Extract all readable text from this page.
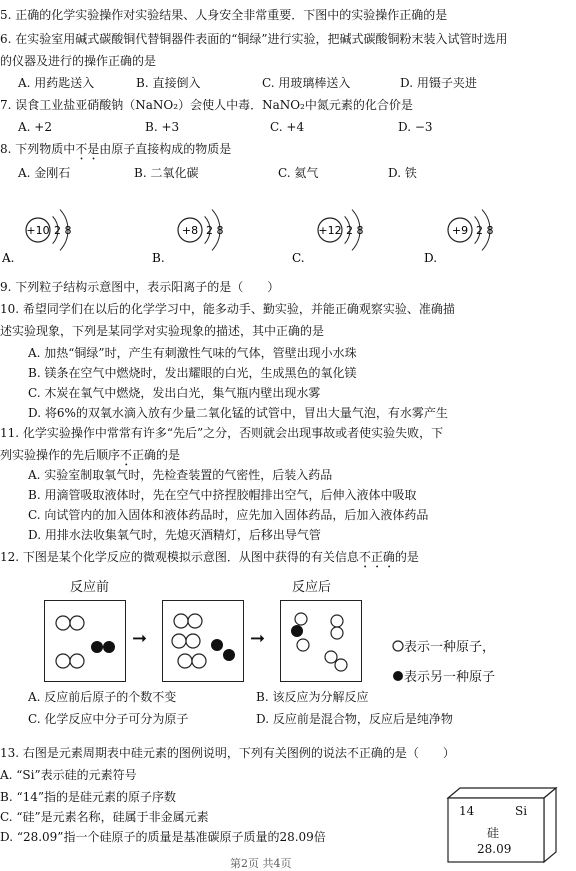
5. 正确的化学实验操作对实验结果、人身安全非常重要．下图中的实验操作正确的是
6. 在实验室用碱式碳酸铜代替铜器件表面的“铜绿”进行实验，把碱式碳酸铜粉末装入试管时选用
的仪器及进行的操作正确的是
A. 用药匙送入	B. 直接倒入	C. 用玻璃棒送入	D. 用镊子夹进
7. 误食工业盐亚硝酸钠（NaNO₂）会使人中毒．NaNO₂中氮元素的化合价是
A. +2	B. +3	C. +4	D. −3
8. 下列物质中不是由原子直接构成的物质是
A. 金刚石	B. 二氧化碳	C. 氦气	D. 铁
+10 2 8
A.
+8 2 8
B.
+12 2 8
C.
+9 2 8
D.
9. 下列粒子结构示意图中，表示阳离子的是（　　）
10. 希望同学们在以后的化学学习中，能多动手、勤实验，并能正确观察实验、准确描
述实验现象，下列是某同学对实验现象的描述，其中正确的是
A. 加热“铜绿”时，产生有刺激性气味的气体，管壁出现小水珠
B. 镁条在空气中燃烧时，发出耀眼的白光，生成黑色的氧化镁
C. 木炭在氧气中燃烧，发出白光，集气瓶内壁出现水雾
D. 将6%的双氧水滴入放有少量二氧化锰的试管中，冒出大量气泡，有水雾产生
11. 化学实验操作中常常有许多“先后”之分，否则就会出现事故或者使实验失败，下
列实验操作的先后顺序不正确的是
A. 实验室制取氧气时，先检查装置的气密性，后装入药品
B. 用滴管吸取液体时，先在空气中挤捏胶帽排出空气，后伸入液体中吸取
C. 向试管内的加入固体和液体药品时，应先加入固体药品，后加入液体药品
D. 用排水法收集氧气时，先熄灭酒精灯，后移出导气管
12. 下图是某个化学反应的微观模拟示意图．从图中获得的有关信息不正确的是
反应前	反应后
➞	➞	表示一种原子，
表示另一种原子
A. 反应前后原子的个数不变	B. 该反应为分解反应
C. 化学反应中分子可分为原子	D. 反应前是混合物，反应后是纯净物
13. 右图是元素周期表中硅元素的图例说明，下列有关图例的说法不正确的是（　　）
A. “Si”表示硅的元素符号
B. “14”指的是硅元素的原子序数
C. “硅”是元素名称，硅属于非金属元素
D. “28.09”指一个硅原子的质量是基准碳原子质量的28.09倍
14	Si
硅
28.09
第2页 共4页
